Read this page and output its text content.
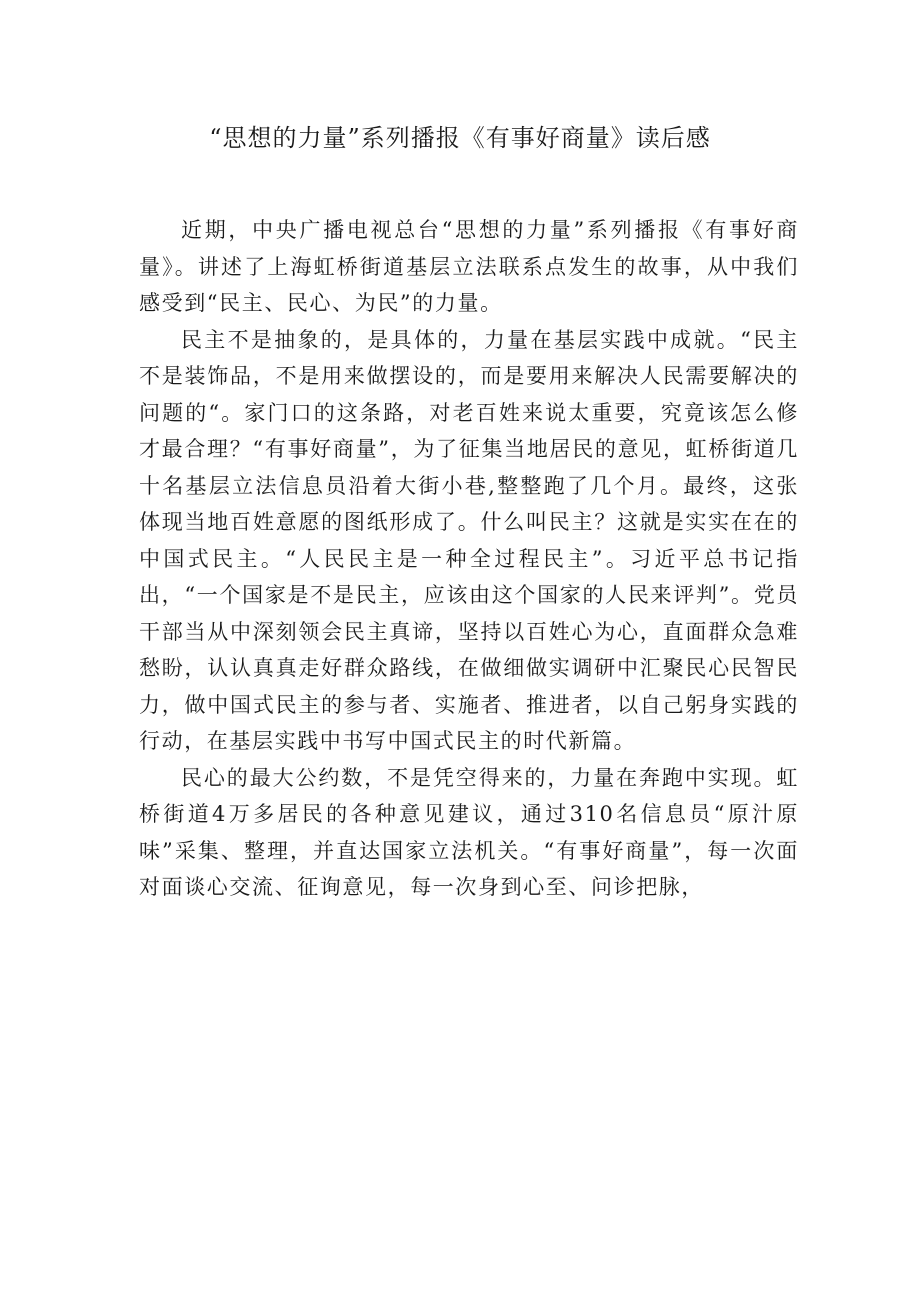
“思想的力量”系列播报《有事好商量》读后感

近期，中央广播电视总台“思想的力量”系列播报《有事好商量》。讲述了上海虹桥街道基层立法联系点发生的故事，从中我们感受到“民主、民心、为民”的力量。

民主不是抽象的，是具体的，力量在基层实践中成就。“民主不是装饰品，不是用来做摆设的，而是要用来解决人民需要解决的问题的“。家门口的这条路，对老百姓来说太重要，究竟该怎么修才最合理？“有事好商量”，为了征集当地居民的意见，虹桥街道几十名基层立法信息员沿着大街小巷,整整跑了几个月。最终，这张体现当地百姓意愿的图纸形成了。什么叫民主？这就是实实在在的中国式民主。“人民民主是一种全过程民主”。习近平总书记指出，“一个国家是不是民主，应该由这个国家的人民来评判”。党员干部当从中深刻领会民主真谛，坚持以百姓心为心，直面群众急难愁盼，认认真真走好群众路线，在做细做实调研中汇聚民心民智民力，做中国式民主的参与者、实施者、推进者，以自己躬身实践的行动，在基层实践中书写中国式民主的时代新篇。

民心的最大公约数，不是凭空得来的，力量在奔跑中实现。虹桥街道4万多居民的各种意见建议，通过310名信息员“原汁原味”采集、整理，并直达国家立法机关。“有事好商量”，每一次面对面谈心交流、征询意见，每一次身到心至、问诊把脉，
